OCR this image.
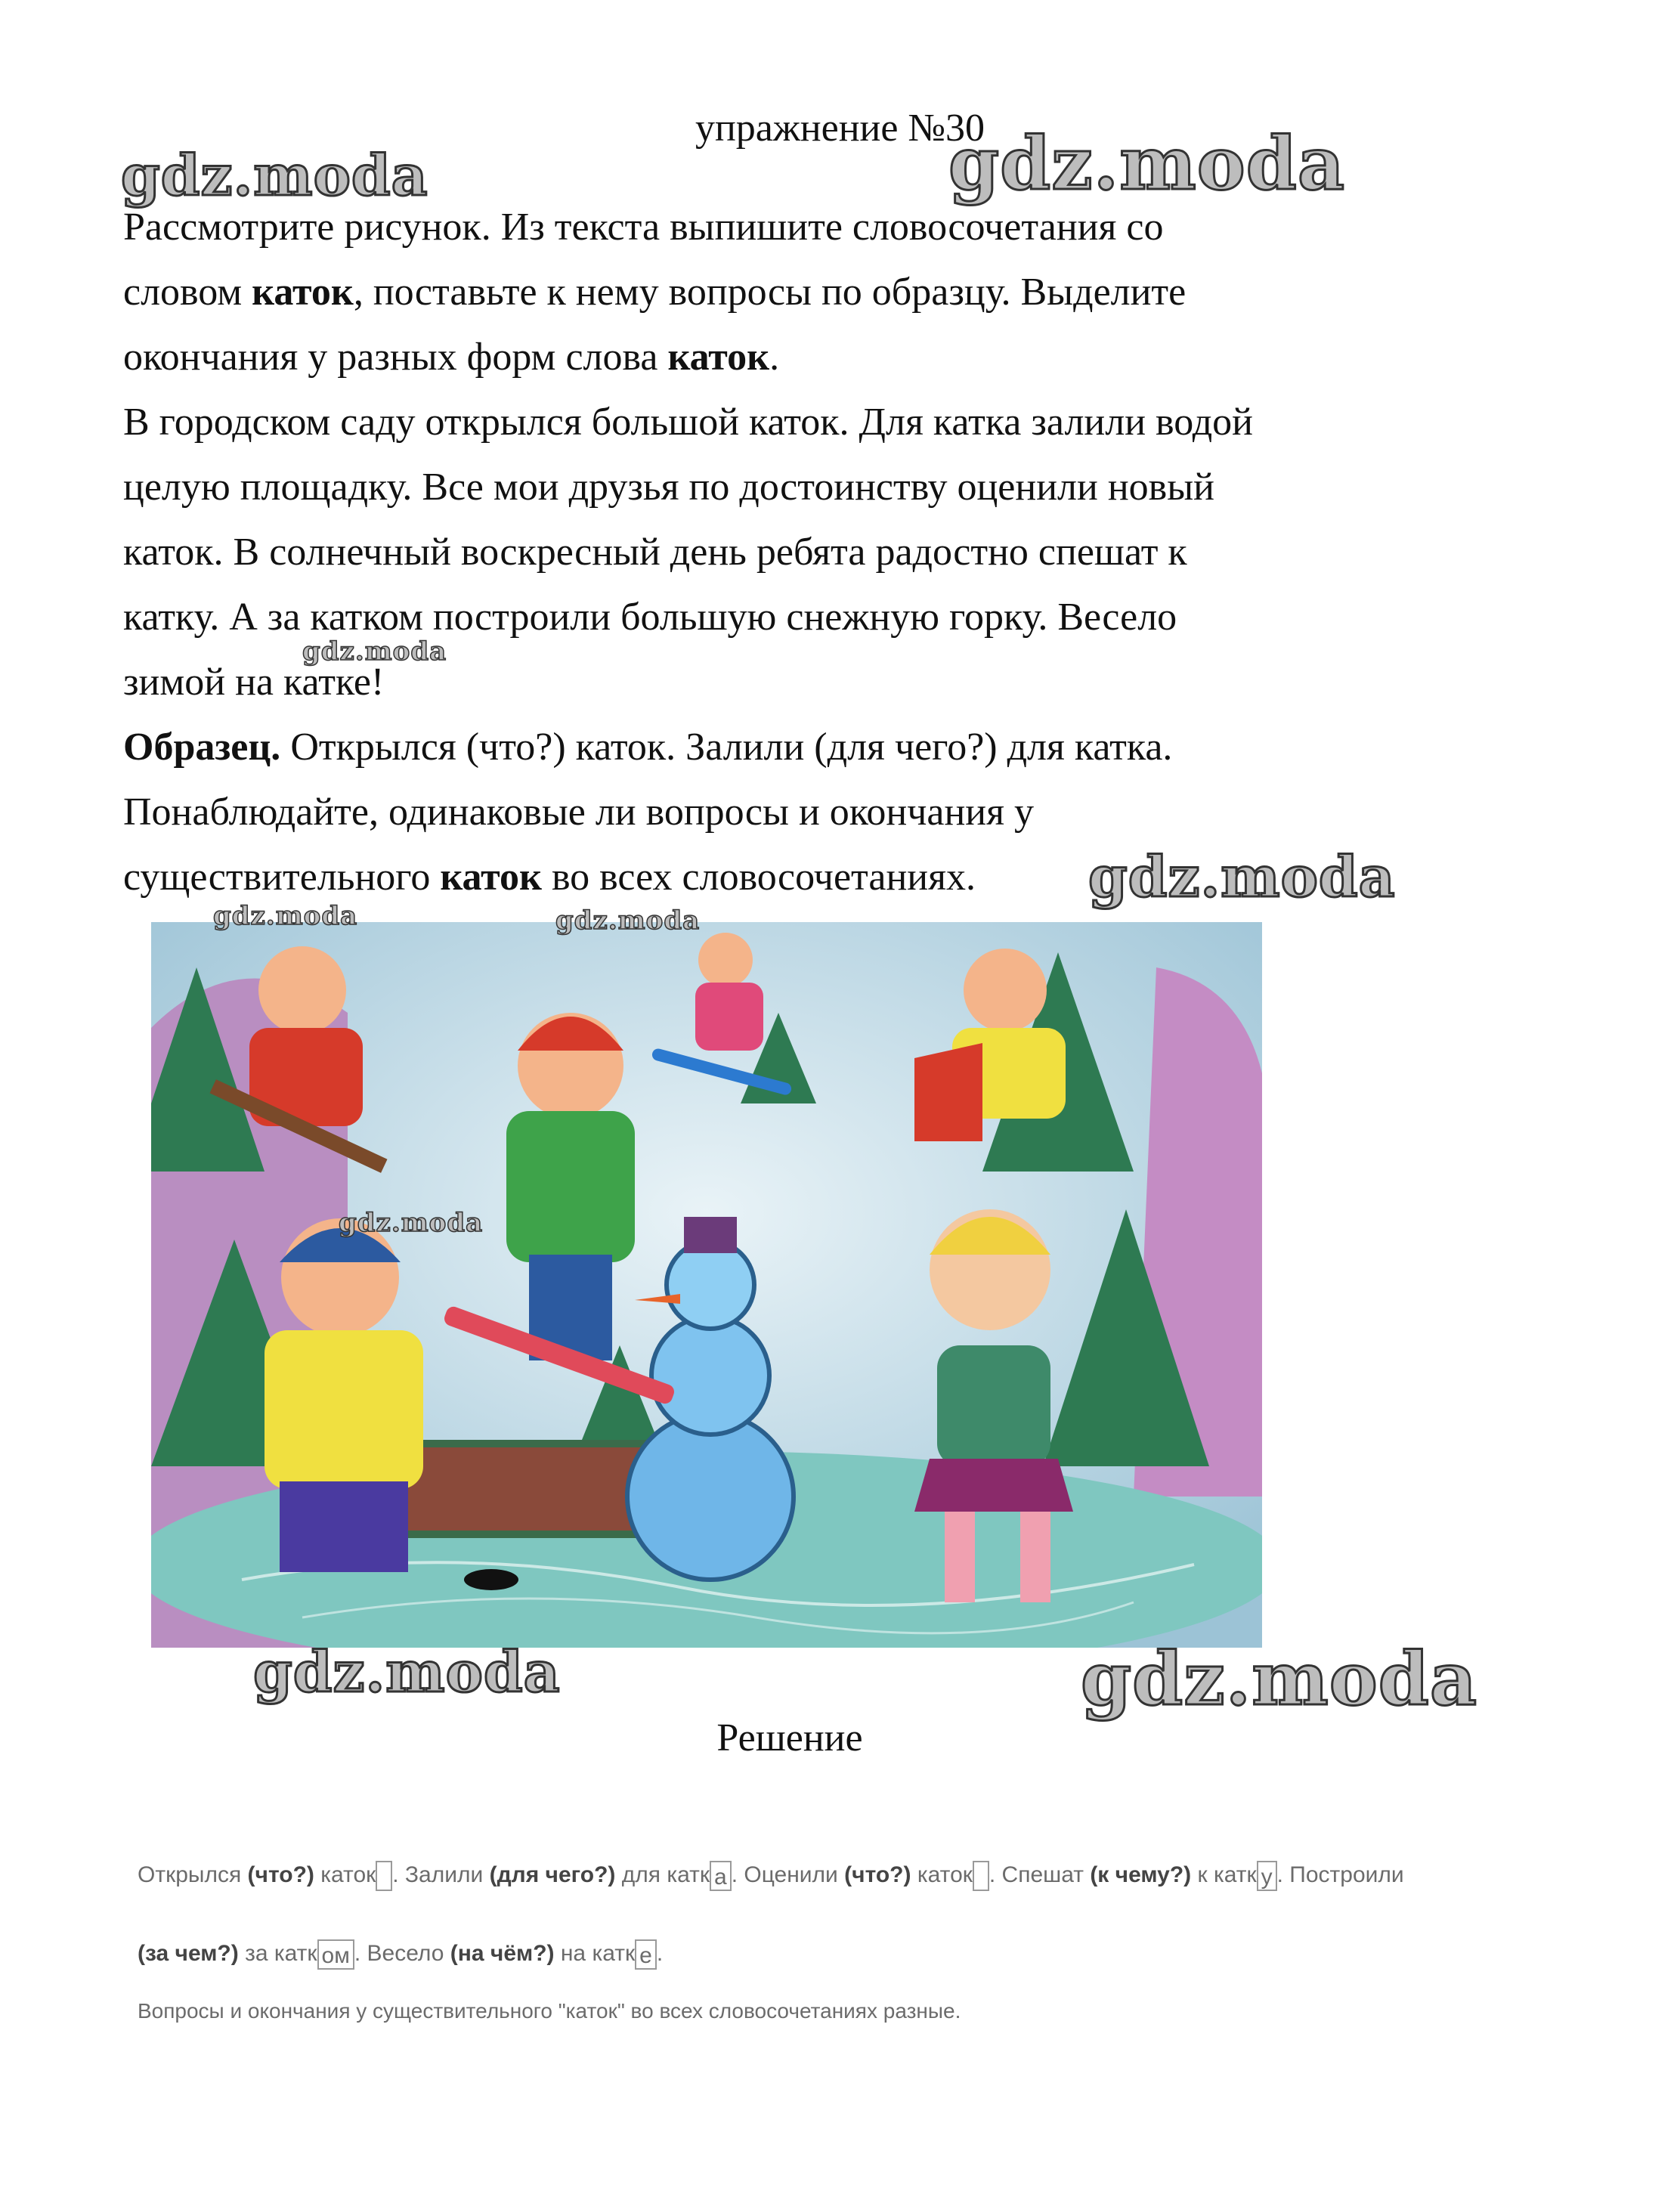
упражнение №30
gdz.moda	gdz.moda
Рассмотрите рисунок. Из текста выпишите словосочетания со
словом каток, поставьте к нему вопросы по образцу. Выделите
окончания у разных форм слова каток.
В городском саду открылся большой каток. Для катка залили водой
целую площадку. Все мои друзья по достоинству оценили новый
каток. В солнечный воскресный день ребята радостно спешат к
катку. А за катком построили большую снежную горку. Весело
зимой на катке!
gdz.moda
Образец. Открылся (что?) каток. Залили (для чего?) для катка.
Понаблюдайте, одинаковые ли вопросы и окончания у
существительного каток во всех словосочетаниях.	gdz.moda
gdz.moda	gdz.moda
gdz.moda
gdz.moda	gdz.moda
Решение
Открылся (что?) каток . Залили (для чего?) для катк а . Оценили (что?) каток . Спешат (к чему?) к катк у . Построили
(за чем?) за катк ом . Весело (на чём?) на катк е .
Вопросы и окончания у существительного "каток" во всех словосочетаниях разные.
